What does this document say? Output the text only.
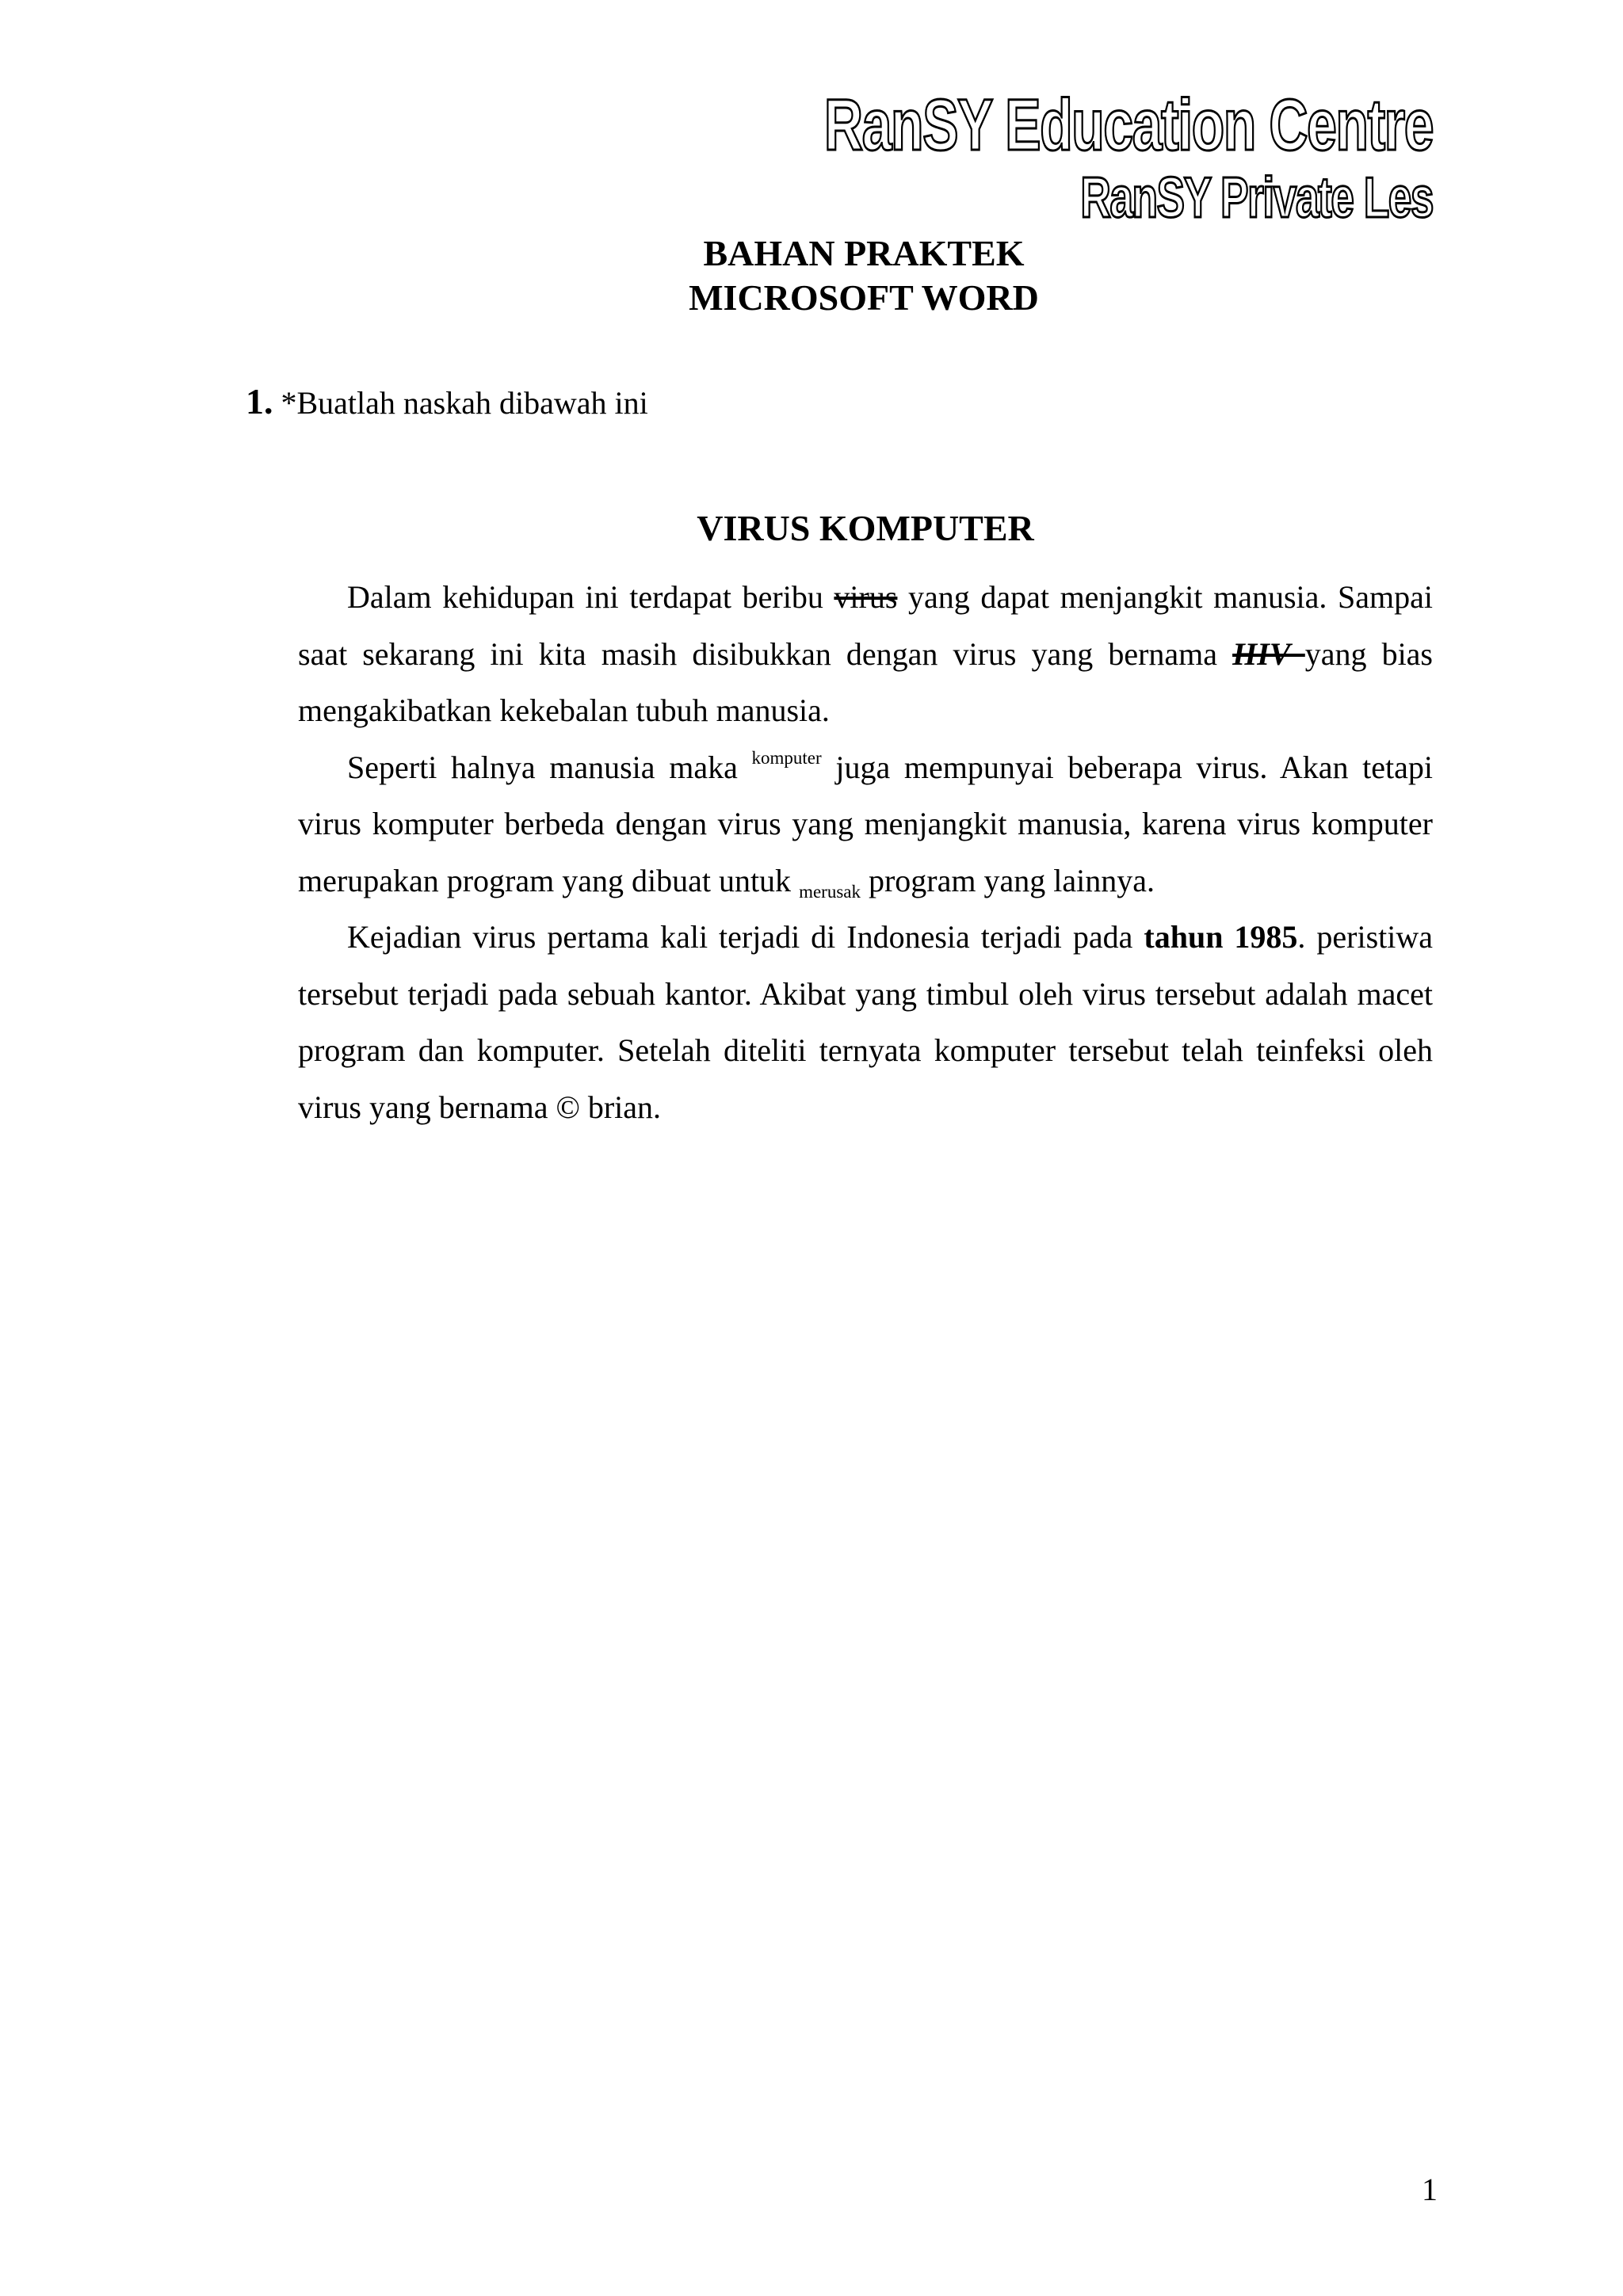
RanSY Education Centre
RanSY Private Les
BAHAN PRAKTEK
MICROSOFT WORD
1. *Buatlah naskah dibawah ini
VIRUS KOMPUTER

Dalam kehidupan ini terdapat beribu virus yang dapat menjangkit manusia. Sampai saat sekarang ini kita masih disibukkan dengan virus yang bernama HIV yang bias mengakibatkan kekebalan tubuh manusia.

Seperti halnya manusia maka $^{komputer}$ juga mempunyai beberapa virus. Akan tetapi virus komputer berbeda dengan virus yang menjangkit manusia, karena virus komputer merupakan program yang dibuat untuk $_{merusak}$ program yang lainnya.

Kejadian virus pertama kali terjadi di Indonesia terjadi pada tahun 1985. peristiwa tersebut terjadi pada sebuah kantor. Akibat yang timbul oleh virus tersebut adalah macet program dan komputer. Setelah diteliti ternyata komputer tersebut telah teinfeksi oleh virus yang bernama © brian.

1
